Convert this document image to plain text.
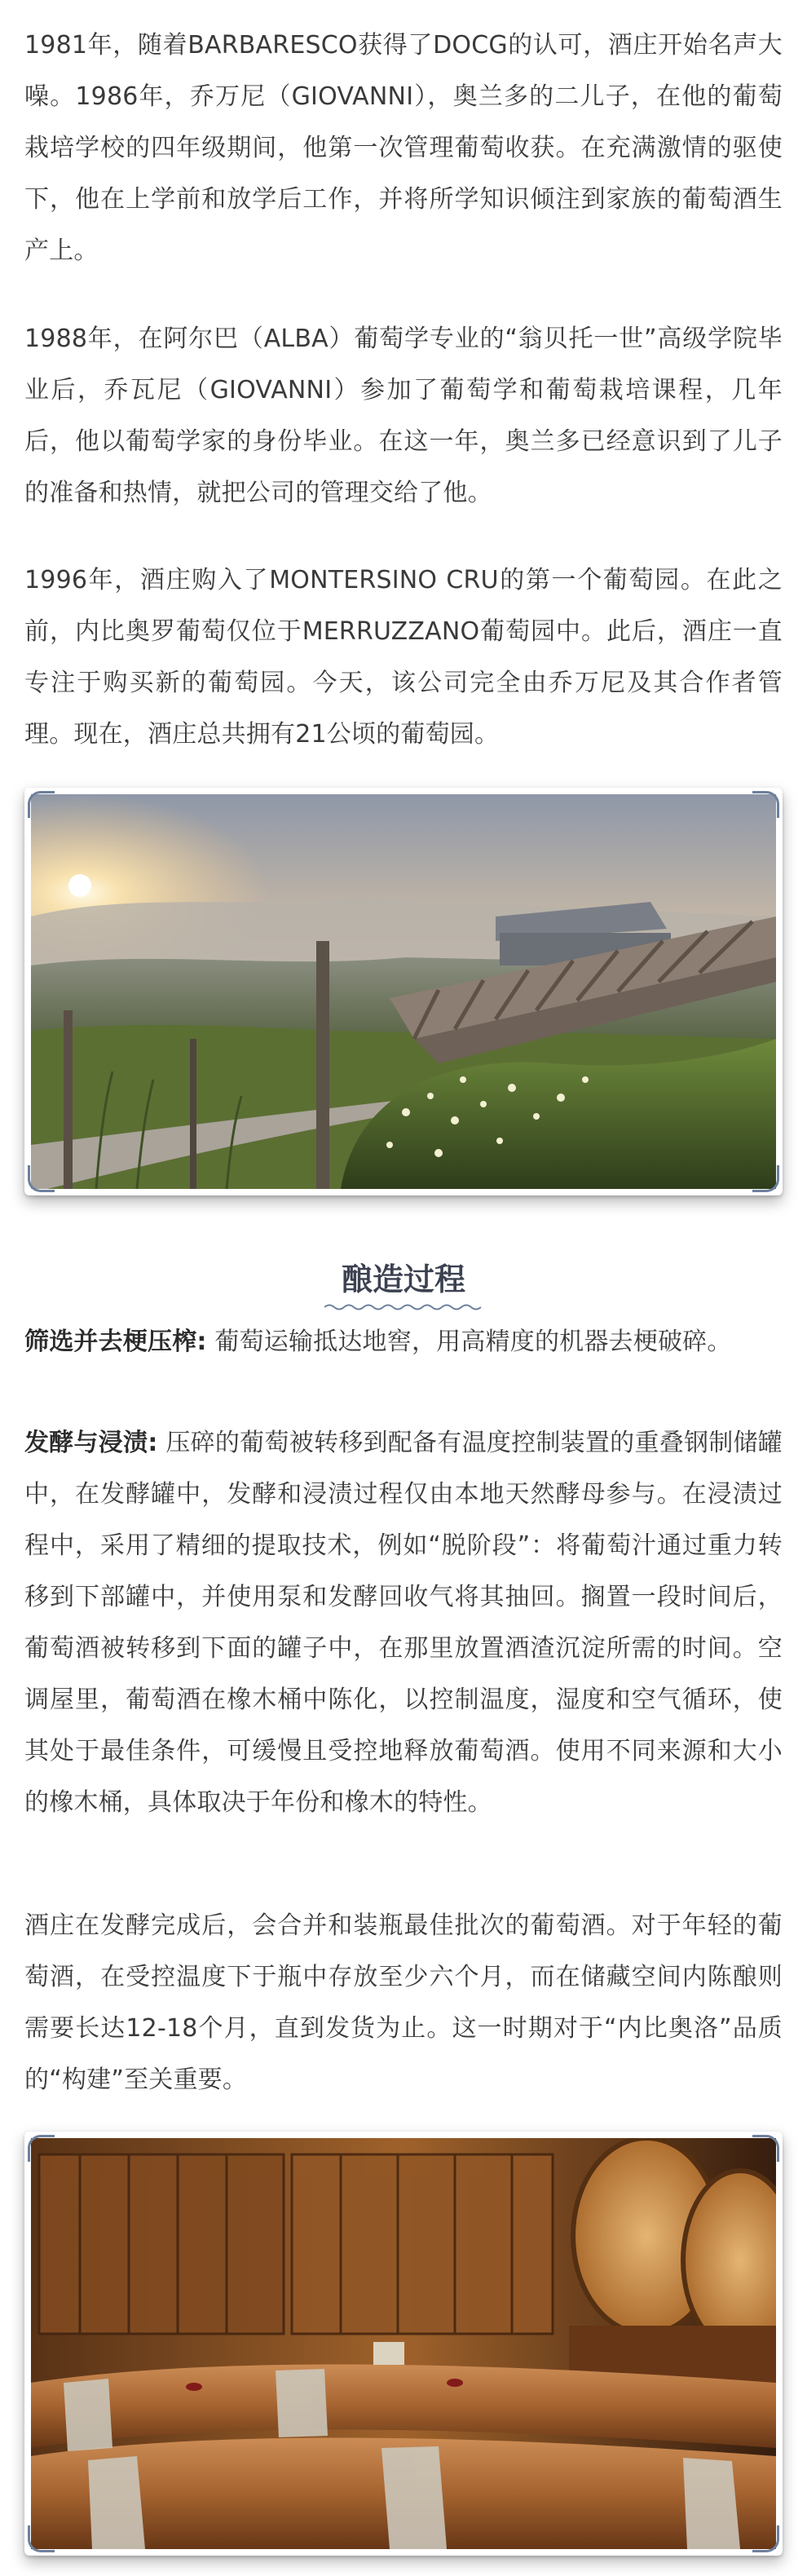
1981年，随着BARBARESCO获得了DOCG的认可，酒庄开始名声大噪。1986年，乔万尼（GIOVANNI），奥兰多的二儿子，在他的葡萄栽培学校的四年级期间，他第一次管理葡萄收获。在充满激情的驱使下，他在上学前和放学后工作，并将所学知识倾注到家族的葡萄酒生产上。

1988年，在阿尔巴（ALBA）葡萄学专业的“翁贝托一世”高级学院毕业后，乔瓦尼（GIOVANNI）参加了葡萄学和葡萄栽培课程，几年后，他以葡萄学家的身份毕业。在这一年，奥兰多已经意识到了儿子的准备和热情，就把公司的管理交给了他。

1996年，酒庄购入了MONTERSINO CRU的第一个葡萄园。在此之前，内比奥罗葡萄仅位于MERRUZZANO葡萄园中。此后，酒庄一直专注于购买新的葡萄园。今天，该公司完全由乔万尼及其合作者管理。现在，酒庄总共拥有21公顷的葡萄园。

酿造过程

筛选并去梗压榨: 葡萄运输抵达地窖，用高精度的机器去梗破碎。

发酵与浸渍: 压碎的葡萄被转移到配备有温度控制装置的重叠钢制储罐中，在发酵罐中，发酵和浸渍过程仅由本地天然酵母参与。在浸渍过程中，采用了精细的提取技术，例如“脱阶段”：将葡萄汁通过重力转移到下部罐中，并使用泵和发酵回收气将其抽回。搁置一段时间后，葡萄酒被转移到下面的罐子中，在那里放置酒渣沉淀所需的时间。空调屋里，葡萄酒在橡木桶中陈化，以控制温度，湿度和空气循环，使其处于最佳条件，可缓慢且受控地释放葡萄酒。使用不同来源和大小的橡木桶，具体取决于年份和橡木的特性。

酒庄在发酵完成后，会合并和装瓶最佳批次的葡萄酒。对于年轻的葡萄酒，在受控温度下于瓶中存放至少六个月，而在储藏空间内陈酿则需要长达12-18个月，直到发货为止。这一时期对于“内比奥洛”品质的“构建”至关重要。
